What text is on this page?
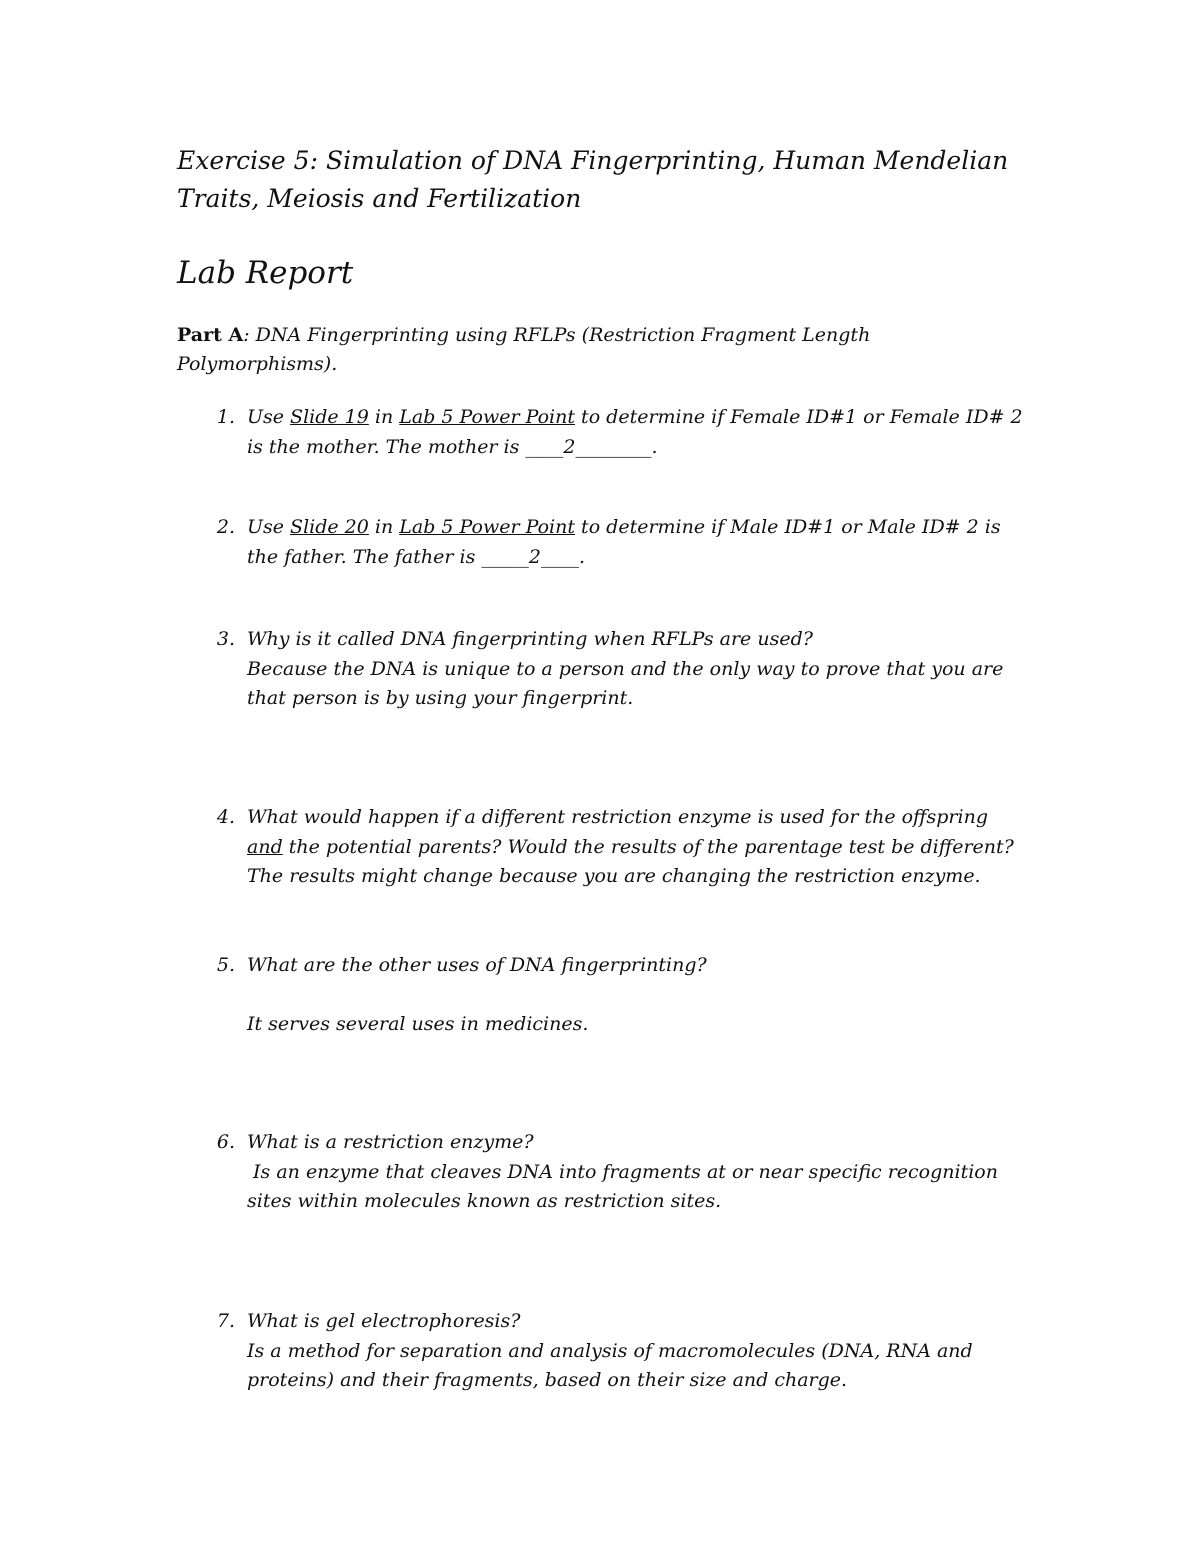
Exercise 5: Simulation of DNA Fingerprinting, Human Mendelian
Traits, Meiosis and Fertilization
Lab Report
Part A: DNA Fingerprinting using RFLPs (Restriction Fragment Length
Polymorphisms).
1. Use Slide 19 in Lab 5 Power Point to determine if Female ID#1 or Female ID# 2
is the mother. The mother is ____2________.
2. Use Slide 20 in Lab 5 Power Point to determine if Male ID#1 or Male ID# 2 is
the father. The father is _____2____.
3. Why is it called DNA fingerprinting when RFLPs are used?
Because the DNA is unique to a person and the only way to prove that you are
that person is by using your fingerprint.
4. What would happen if a different restriction enzyme is used for the offspring
and the potential parents? Would the results of the parentage test be different?
The results might change because you are changing the restriction enzyme.
5. What are the other uses of DNA fingerprinting?
It serves several uses in medicines.
6. What is a restriction enzyme?
Is an enzyme that cleaves DNA into fragments at or near specific recognition
sites within molecules known as restriction sites.
7. What is gel electrophoresis?
Is a method for separation and analysis of macromolecules (DNA, RNA and
proteins) and their fragments, based on their size and charge.
